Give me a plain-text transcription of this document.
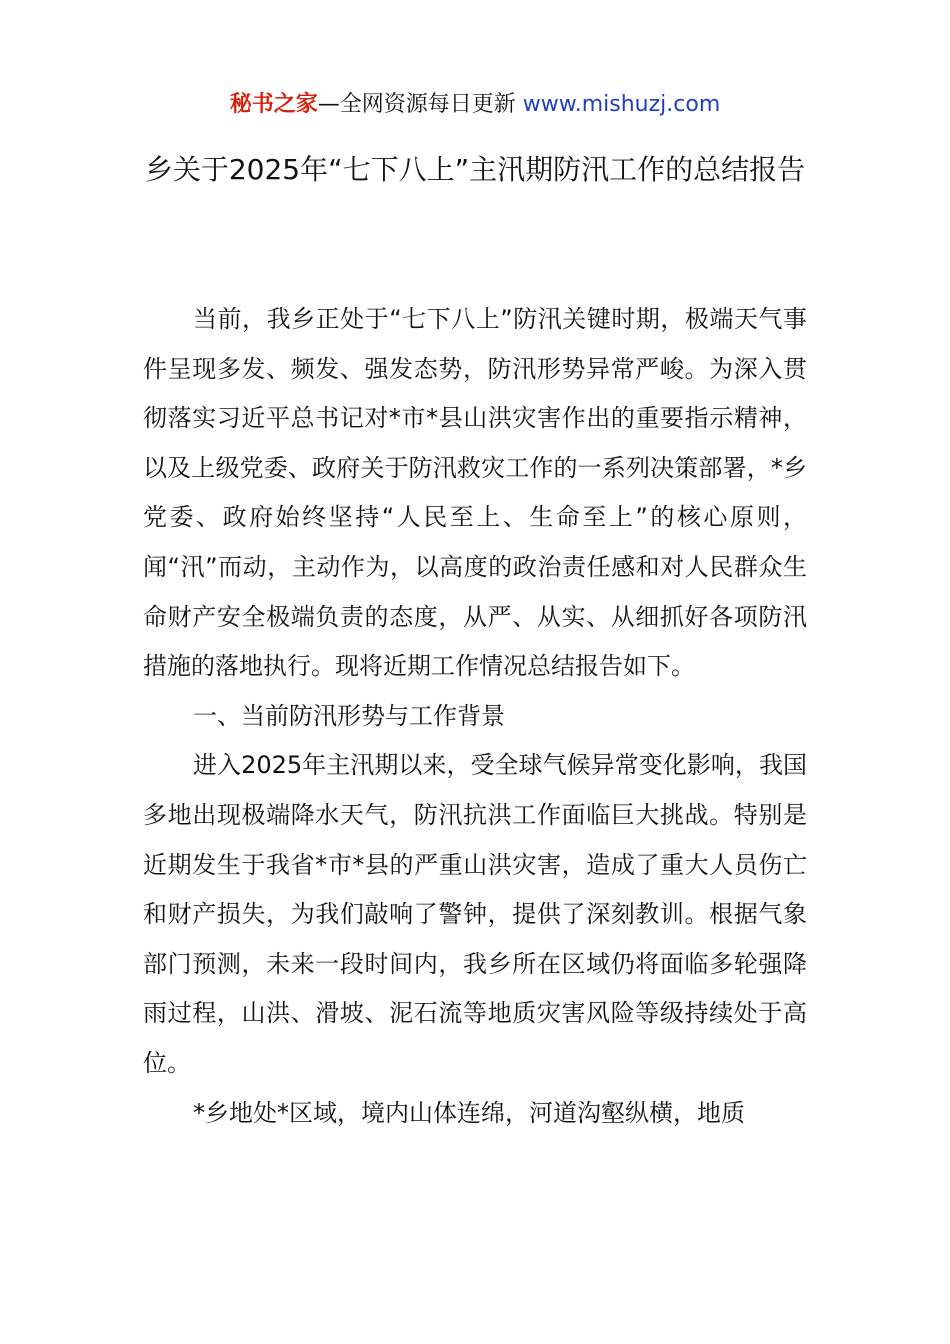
秘书之家—全网资源每日更新 www.mishuzj.com
乡关于2025年“七下八上”主汛期防汛工作的总结报告

当前，我乡正处于“七下八上”防汛关键时期，极端天气事件呈现多发、频发、强发态势，防汛形势异常严峻。为深入贯彻落实习近平总书记对*市*县山洪灾害作出的重要指示精神，以及上级党委、政府关于防汛救灾工作的一系列决策部署，*乡党委、政府始终坚持“人民至上、生命至上”的核心原则，闻“汛”而动，主动作为，以高度的政治责任感和对人民群众生命财产安全极端负责的态度，从严、从实、从细抓好各项防汛措施的落地执行。现将近期工作情况总结报告如下。

一、当前防汛形势与工作背景

进入2025年主汛期以来，受全球气候异常变化影响，我国多地出现极端降水天气，防汛抗洪工作面临巨大挑战。特别是近期发生于我省*市*县的严重山洪灾害，造成了重大人员伤亡和财产损失，为我们敲响了警钟，提供了深刻教训。根据气象部门预测，未来一段时间内，我乡所在区域仍将面临多轮强降雨过程，山洪、滑坡、泥石流等地质灾害风险等级持续处于高位。

*乡地处*区域，境内山体连绵，河道沟壑纵横，地质
